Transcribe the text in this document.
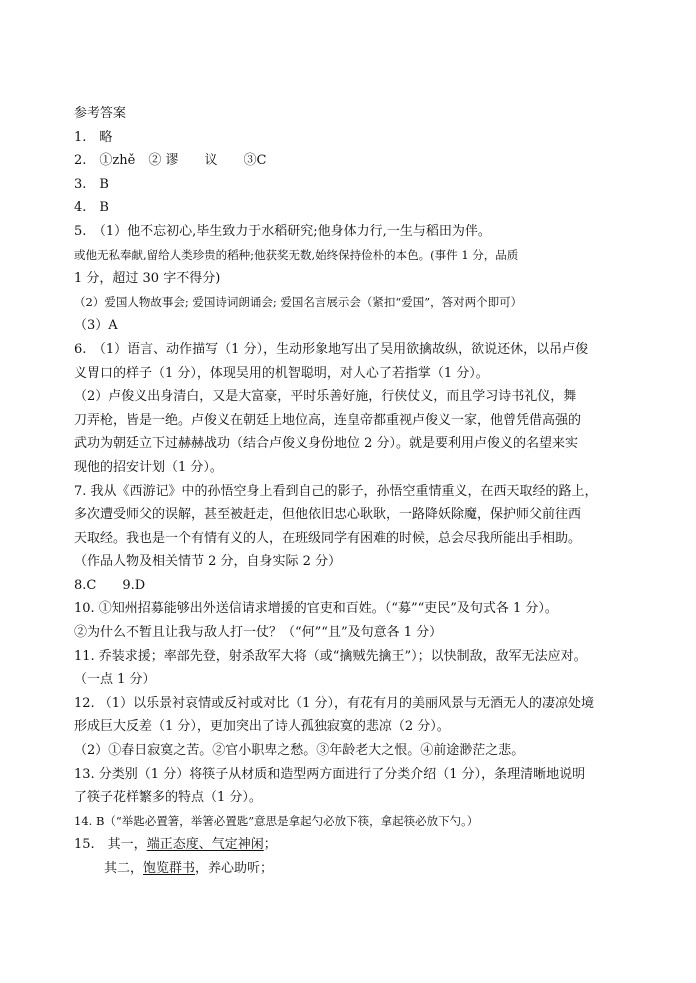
参考答案
1.　略
2.　①zhě　② 谬　　议　　③C
3.　B
4.　B
5.　（1）他不忘初心,毕生致力于水稻研究;他身体力行,一生与稻田为伴。
或他无私奉献,留给人类珍贵的稻种;他获奖无数,始终保持俭朴的本色。(事件 1 分，品质
1 分，超过 30 字不得分)
（2）爱国人物故事会; 爱国诗词朗诵会; 爱国名言展示会（紧扣“爱国”，答对两个即可）
（3）A
6.　（1）语言、动作描写（1 分），生动形象地写出了吴用欲擒故纵，欲说还休，以吊卢俊
义胃口的样子（1 分），体现吴用的机智聪明，对人心了若指掌（1 分）。
（2）卢俊义出身清白，又是大富豪，平时乐善好施，行侠仗义，而且学习诗书礼仪，舞
刀弄枪，皆是一绝。卢俊义在朝廷上地位高，连皇帝都重视卢俊义一家，他曾凭借高强的
武功为朝廷立下过赫赫战功（结合卢俊义身份地位 2 分）。就是要利用卢俊义的名望来实
现他的招安计划（1 分）。
7. 我从《西游记》中的孙悟空身上看到自己的影子，孙悟空重情重义，在西天取经的路上，
多次遭受师父的误解，甚至被赶走，但他依旧忠心耿耿，一路降妖除魔，保护师父前往西
天取经。我也是一个有情有义的人，在班级同学有困难的时候，总会尽我所能出手相助。
（作品人物及相关情节 2 分，自身实际 2 分）
8.C　　9.D
10. ①知州招募能够出外送信请求增援的官吏和百姓。（“募”“吏民”及句式各 1 分）。
②为什么不暂且让我与敌人打一仗？（“何”“且”及句意各 1 分）
11. 乔装求援；率部先登，射杀敌军大将（或“擒贼先擒王”）；以快制敌，敌军无法应对。
（一点 1 分）
12. （1）以乐景衬哀情或反衬或对比（1 分），有花有月的美丽风景与无酒无人的凄凉处境
形成巨大反差（1 分），更加突出了诗人孤独寂寞的悲凉（2 分）。
（2）①春日寂寞之苦。②官小职卑之愁。③年龄老大之恨。④前途渺茫之悲。
13. 分类别（1 分）将筷子从材质和造型两方面进行了分类介绍（1 分），条理清晰地说明
了筷子花样繁多的特点（1 分）。
14. B（“举匙必置箸，举箸必置匙”意思是拿起勺必放下筷，拿起筷必放下勺。）
15.　其一，端正态度、气定神闲；
其二，饱览群书，养心助听；
